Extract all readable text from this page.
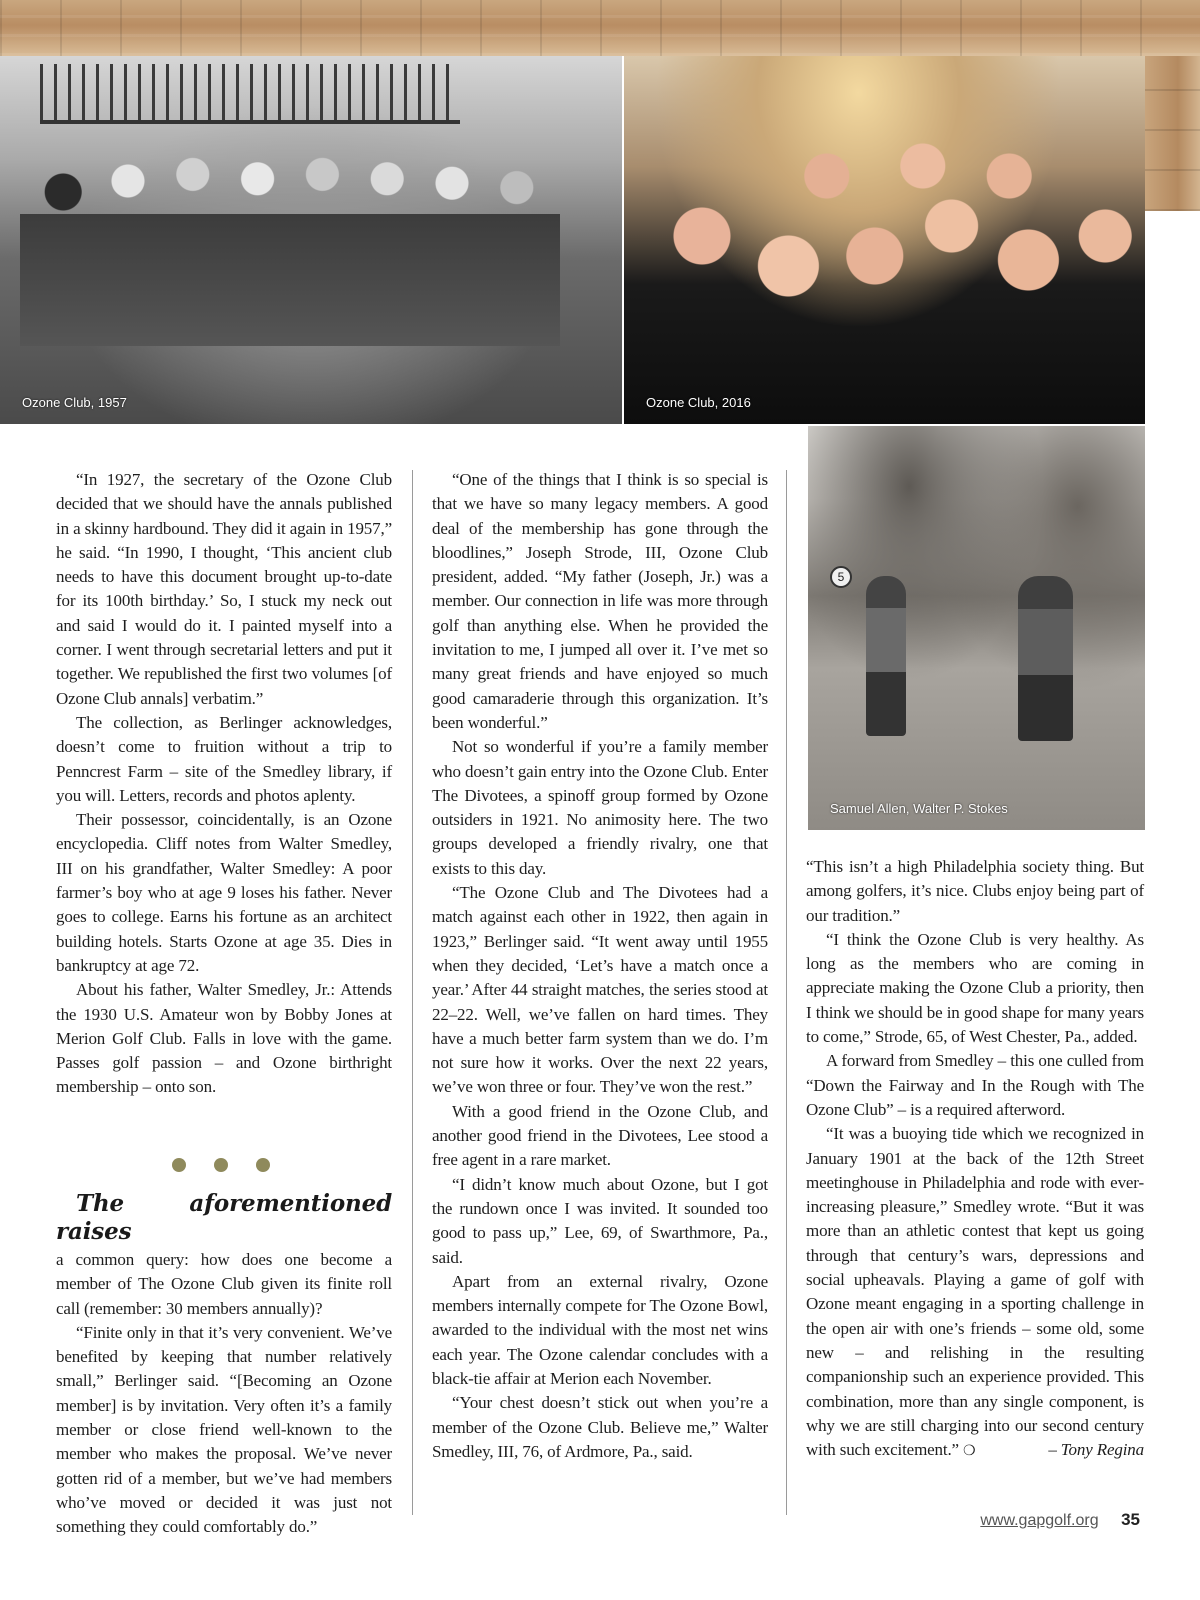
Ozone Club, 1957	Ozone Club, 2016
5
Samuel Allen, Walter P. Stokes

“In 1927, the secretary of the Ozone Club decided that we should have the annals published in a skinny hardbound. They did it again in 1957,” he said. “In 1990, I thought, ‘This ancient club needs to have this document brought up-to-date for its 100th birthday.’ So, I stuck my neck out and said I would do it. I painted myself into a corner. I went through secretarial letters and put it together. We republished the first two volumes [of Ozone Club annals] verbatim.”

The collection, as Berlinger acknowledges, doesn’t come to fruition without a trip to Penncrest Farm – site of the Smedley library, if you will. Letters, records and photos aplenty.

Their possessor, coincidentally, is an Ozone encyclopedia. Cliff notes from Walter Smedley, III on his grandfather, Walter Smedley: A poor farmer’s boy who at age 9 loses his father. Never goes to college. Earns his fortune as an architect building hotels. Starts Ozone at age 35. Dies in bankruptcy at age 72.

About his father, Walter Smedley, Jr.: Attends the 1930 U.S. Amateur won by Bobby Jones at Merion Golf Club. Falls in love with the game. Passes golf passion – and Ozone birthright membership – onto son.

The aforementioned raises

a common query: how does one become a member of The Ozone Club given its finite roll call (remember: 30 members annually)?

“Finite only in that it’s very convenient. We’ve benefited by keeping that number relatively small,” Berlinger said. “[Becoming an Ozone member] is by invitation. Very often it’s a family member or close friend well-known to the member who makes the proposal. We’ve never gotten rid of a member, but we’ve had members who’ve moved or decided it was just not something they could comfortably do.”

“One of the things that I think is so special is that we have so many legacy members. A good deal of the membership has gone through the bloodlines,” Joseph Strode, III, Ozone Club president, added. “My father (Joseph, Jr.) was a member. Our connection in life was more through golf than anything else. When he provided the invitation to me, I jumped all over it. I’ve met so many great friends and have enjoyed so much good camaraderie through this organization. It’s been wonderful.”

Not so wonderful if you’re a family member who doesn’t gain entry into the Ozone Club. Enter The Divotees, a spinoff group formed by Ozone outsiders in 1921. No animosity here. The two groups developed a friendly rivalry, one that exists to this day.

“The Ozone Club and The Divotees had a match against each other in 1922, then again in 1923,” Berlinger said. “It went away until 1955 when they decided, ‘Let’s have a match once a year.’ After 44 straight matches, the series stood at 22–22. Well, we’ve fallen on hard times. They have a much better farm system than we do. I’m not sure how it works. Over the next 22 years, we’ve won three or four. They’ve won the rest.”

With a good friend in the Ozone Club, and another good friend in the Divotees, Lee stood a free agent in a rare market.

“I didn’t know much about Ozone, but I got the rundown once I was invited. It sounded too good to pass up,” Lee, 69, of Swarthmore, Pa., said.

Apart from an external rivalry, Ozone members internally compete for The Ozone Bowl, awarded to the individual with the most net wins each year. The Ozone calendar concludes with a black-tie affair at Merion each November.

“Your chest doesn’t stick out when you’re a member of the Ozone Club. Believe me,” Walter Smedley, III, 76, of Ardmore, Pa., said.

“This isn’t a high Philadelphia society thing. But among golfers, it’s nice. Clubs enjoy being part of our tradition.”

“I think the Ozone Club is very healthy. As long as the members who are coming in appreciate making the Ozone Club a priority, then I think we should be in good shape for many years to come,” Strode, 65, of West Chester, Pa., added.

A forward from Smedley – this one culled from “Down the Fairway and In the Rough with The Ozone Club” – is a required afterword.

“It was a buoying tide which we recognized in January 1901 at the back of the 12th Street meetinghouse in Philadelphia and rode with ever-increasing pleasure,” Smedley wrote. “But it was more than an athletic contest that kept us going through that century’s wars, depressions and social upheavals. Playing a game of golf with Ozone meant engaging in a sporting challenge in the open air with one’s friends – some old, some new – and relishing in the resulting companionship such an experience provided. This combination, more than any single component, is why we are still charging into our second century with such excitement.” ❍	– Tony Regina

www.gapgolf.org 35
